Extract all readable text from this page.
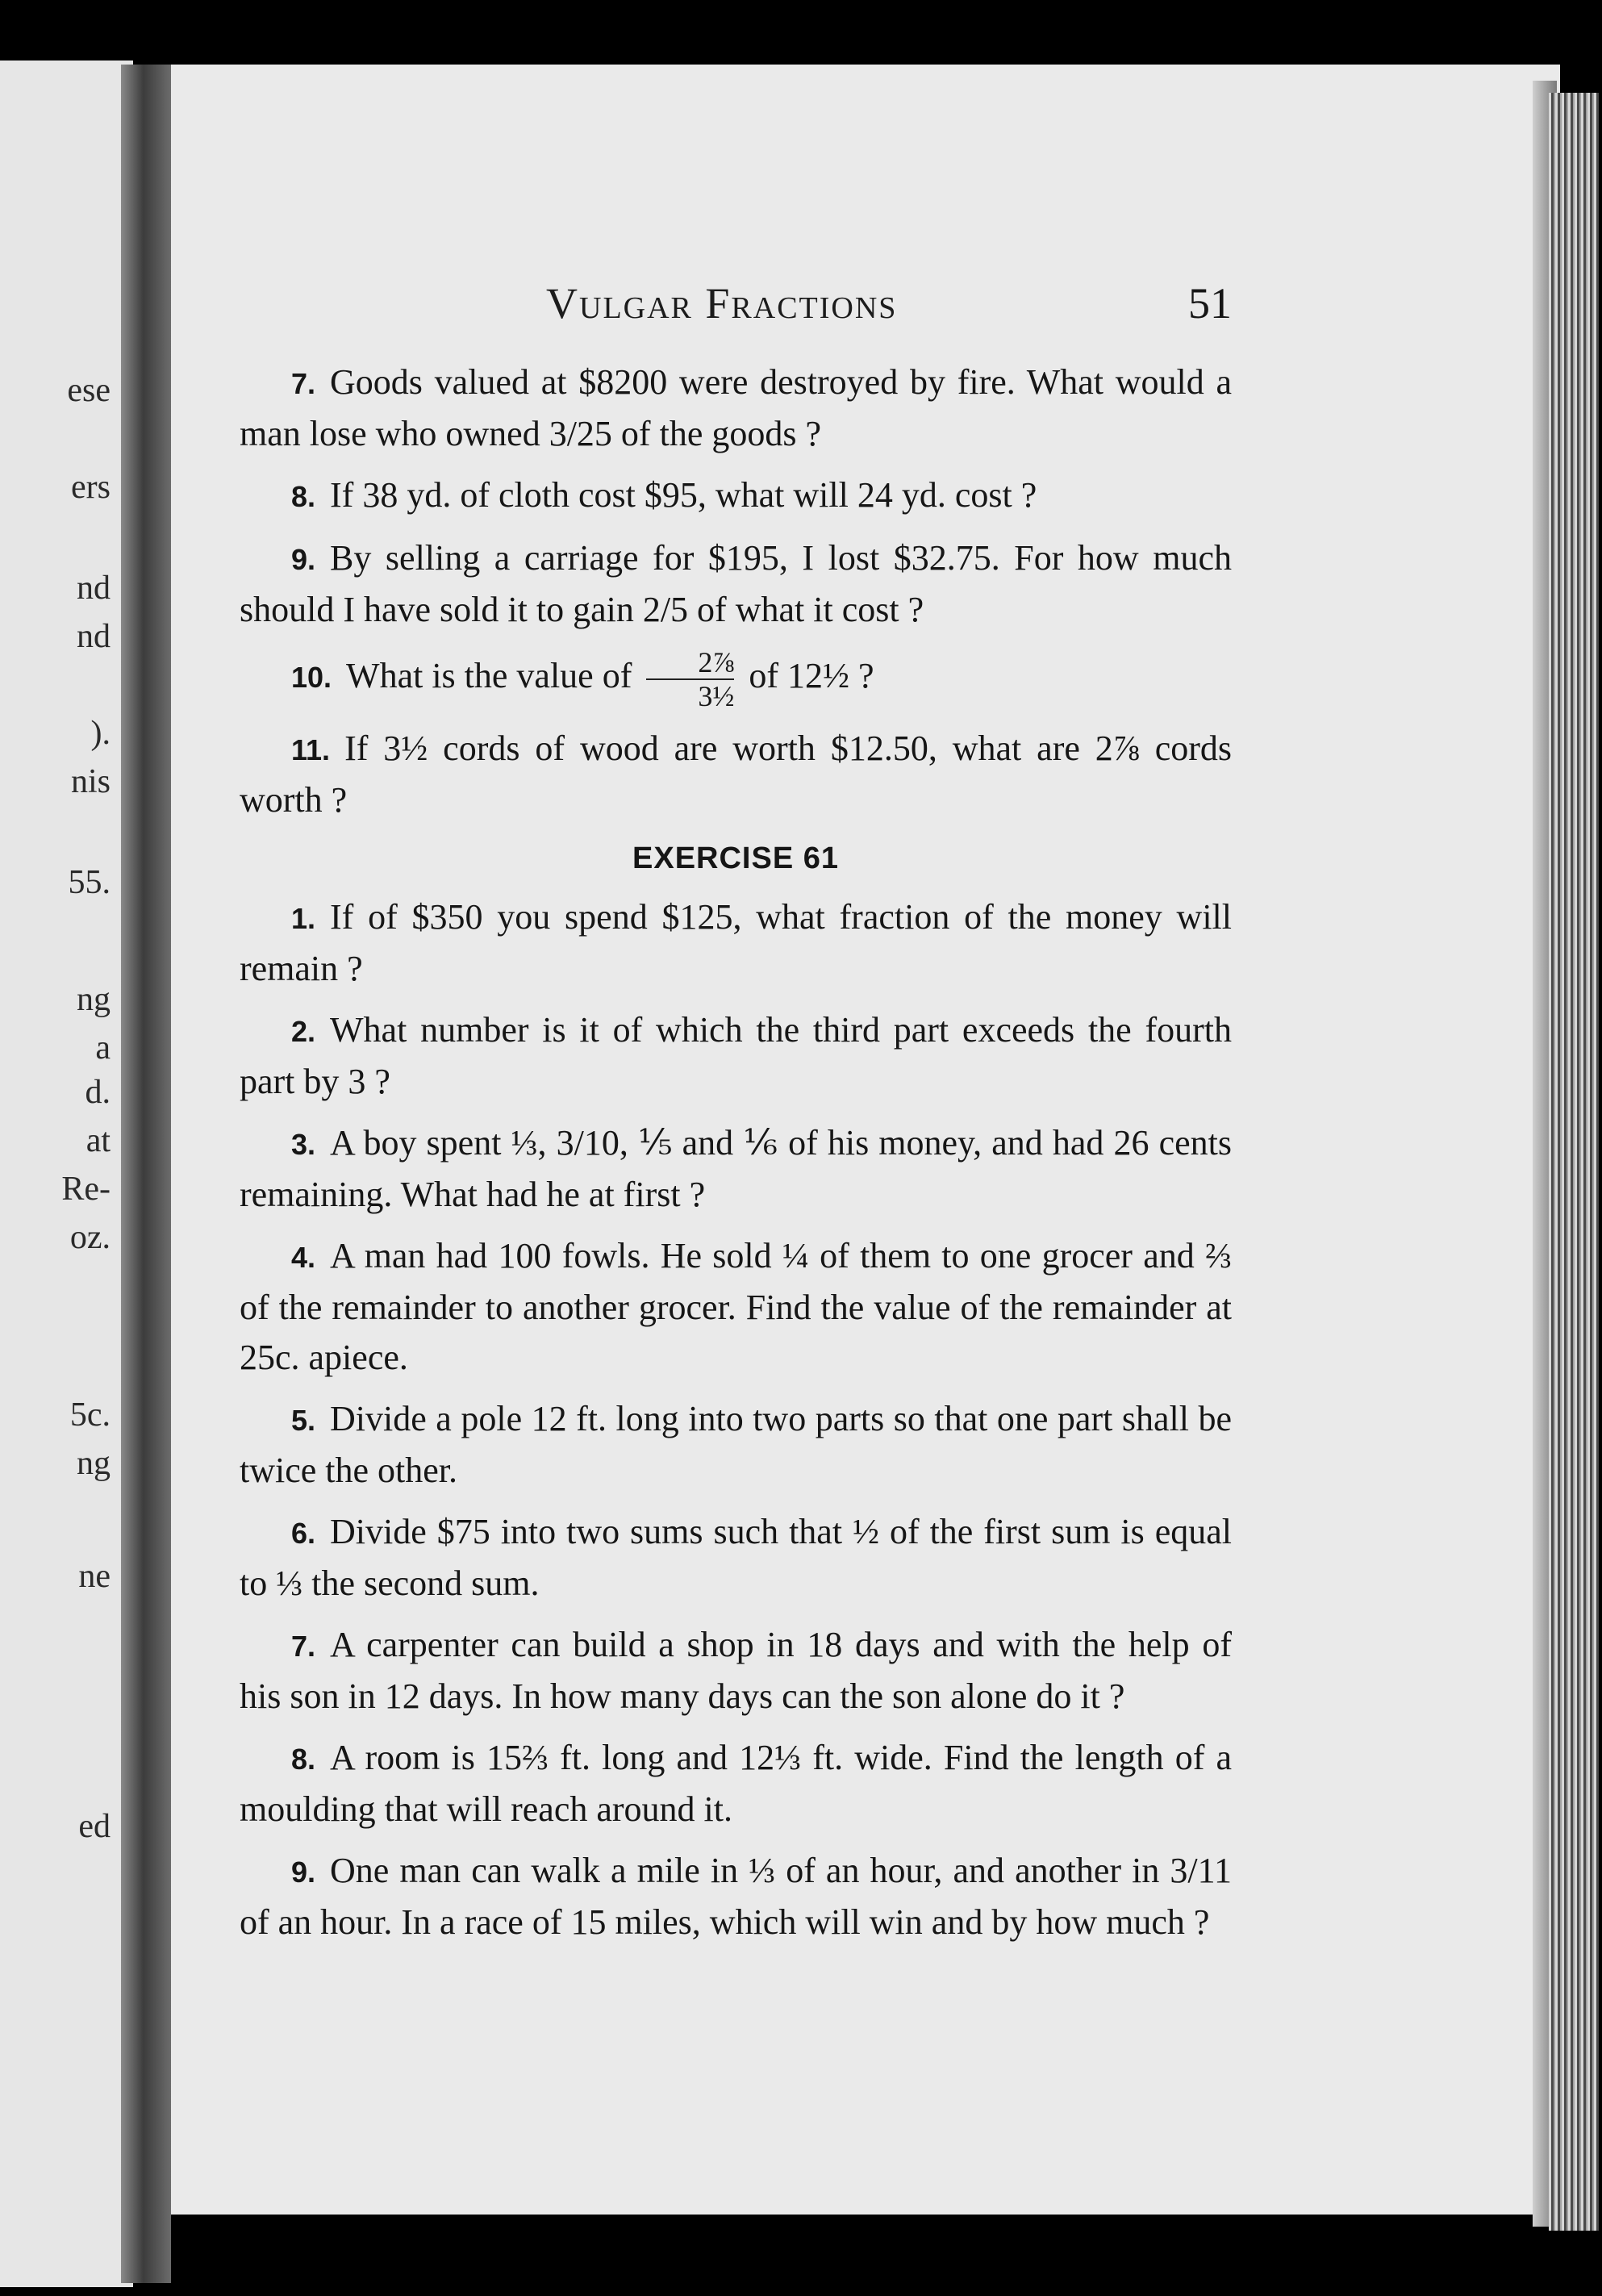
ese
ers
nd
nd
).
nis
55.
ng
a
d.
at
Re-
oz.
5c.
ng
ne
ed
Vulgar Fractions	51

7. Goods valued at $8200 were destroyed by fire. What would a man lose who owned 3/25 of the goods ?

8. If 38 yd. of cloth cost $95, what will 24 yd. cost ?

9. By selling a carriage for $195, I lost $32.75. For how much should I have sold it to gain 2/5 of what it cost ?

10. What is the value of $\frac{\text{2⅞}}{\text{3½}}$ of 12½ ?

11. If 3½ cords of wood are worth $12.50, what are 2⅞ cords worth ?

EXERCISE 61

1. If of $350 you spend $125, what fraction of the money will remain ?

2. What number is it of which the third part exceeds the fourth part by 3 ?

3. A boy spent ⅓, 3/10, ⅕ and ⅙ of his money, and had 26 cents remaining. What had he at first ?

4. A man had 100 fowls. He sold ¼ of them to one grocer and ⅔ of the remainder to another grocer. Find the value of the remainder at 25c. apiece.

5. Divide a pole 12 ft. long into two parts so that one part shall be twice the other.

6. Divide $75 into two sums such that ½ of the first sum is equal to ⅓ the second sum.

7. A carpenter can build a shop in 18 days and with the help of his son in 12 days. In how many days can the son alone do it ?

8. A room is 15⅔ ft. long and 12⅓ ft. wide. Find the length of a moulding that will reach around it.

9. One man can walk a mile in ⅓ of an hour, and another in 3/11 of an hour. In a race of 15 miles, which will win and by how much ?
